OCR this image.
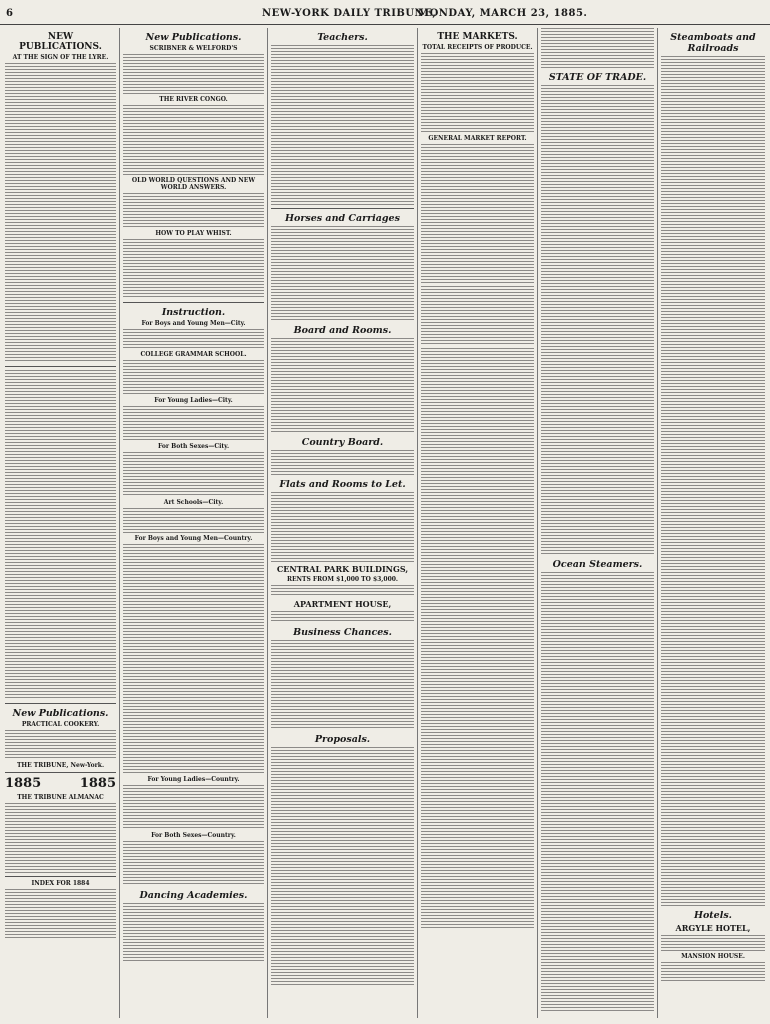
6	NEW-YORK DAILY TRIBUNE,
MONDAY, MARCH 23, 1885.
NEW PUBLICATIONS.
AT THE SIGN OF THE LYRE.
New Publications.
PRACTICAL COOKERY.
THE TRIBUNE, New-York.
1885	1885
THE TRIBUNE ALMANAC
INDEX FOR 1884
New Publications.
SCRIBNER & WELFORD'S
THE RIVER CONGO.
OLD WORLD QUESTIONS AND NEW WORLD ANSWERS.
HOW TO PLAY WHIST.
Instruction.
For Boys and Young Men—City.
COLLEGE GRAMMAR SCHOOL.
For Young Ladies—City.
For Both Sexes—City.
Art Schools—City.
For Boys and Young Men—Country.
For Young Ladies—Country.
For Both Sexes—Country.
Dancing Academies.
Teachers.
Horses and Carriages
Board and Rooms.
Country Board.
Flats and Rooms to Let.
CENTRAL PARK BUILDINGS,
RENTS FROM $1,000 TO $3,000.
APARTMENT HOUSE,
Business Chances.
Proposals.
THE MARKETS.
TOTAL RECEIPTS OF PRODUCE.
GENERAL MARKET REPORT.
STATE OF TRADE.
Ocean Steamers.
Steamboats and Railroads
Hotels.
ARGYLE HOTEL,
MANSION HOUSE.
